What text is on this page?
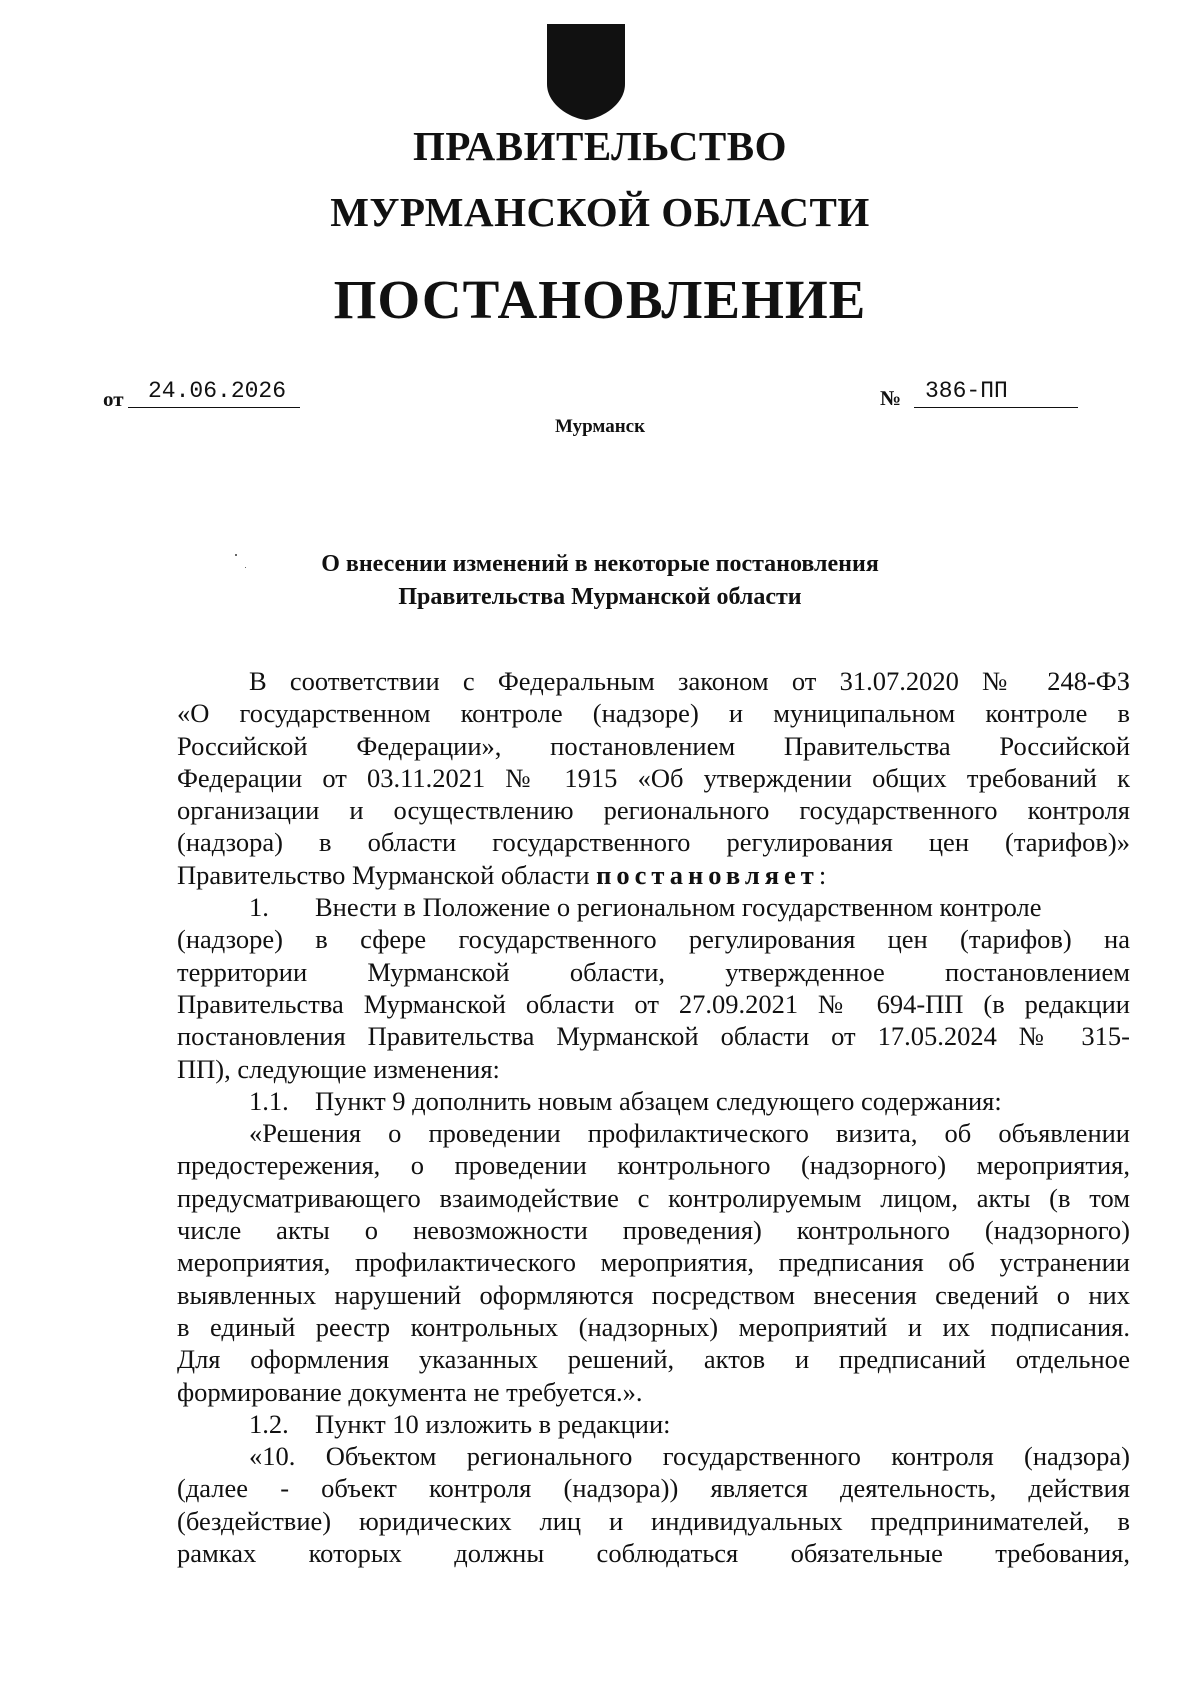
ПРАВИТЕЛЬСТВО
МУРМАНСКОЙ ОБЛАСТИ
ПОСТАНОВЛЕНИЕ
от 24.06.2026	№ 386-ПП
Мурманск
О внесении изменений в некоторые постановления
Правительства Мурманской области
В соответствии с Федеральным законом от 31.07.2020 № 248-ФЗ
«О государственном контроле (надзоре) и муниципальном контроле в
Российской Федерации», постановлением Правительства Российской
Федерации от 03.11.2021 № 1915 «Об утверждении общих требований к
организации и осуществлению регионального государственного контроля
(надзора) в области государственного регулирования цен (тарифов)»
Правительство Мурманской области постановляет:
1. Внести в Положение о региональном государственном контроле
(надзоре) в сфере государственного регулирования цен (тарифов) на
территории Мурманской области, утвержденное постановлением
Правительства Мурманской области от 27.09.2021 № 694-ПП (в редакции
постановления Правительства Мурманской области от 17.05.2024 № 315-
ПП), следующие изменения:
1.1. Пункт 9 дополнить новым абзацем следующего содержания:
«Решения о проведении профилактического визита, об объявлении
предостережения, о проведении контрольного (надзорного) мероприятия,
предусматривающего взаимодействие с контролируемым лицом, акты (в том
числе акты о невозможности проведения) контрольного (надзорного)
мероприятия, профилактического мероприятия, предписания об устранении
выявленных нарушений оформляются посредством внесения сведений о них
в единый реестр контрольных (надзорных) мероприятий и их подписания.
Для оформления указанных решений, актов и предписаний отдельное
формирование документа не требуется.».
1.2. Пункт 10 изложить в редакции:
«10. Объектом регионального государственного контроля (надзора)
(далее - объект контроля (надзора)) является деятельность, действия
(бездействие) юридических лиц и индивидуальных предпринимателей, в
рамках которых должны соблюдаться обязательные требования,
